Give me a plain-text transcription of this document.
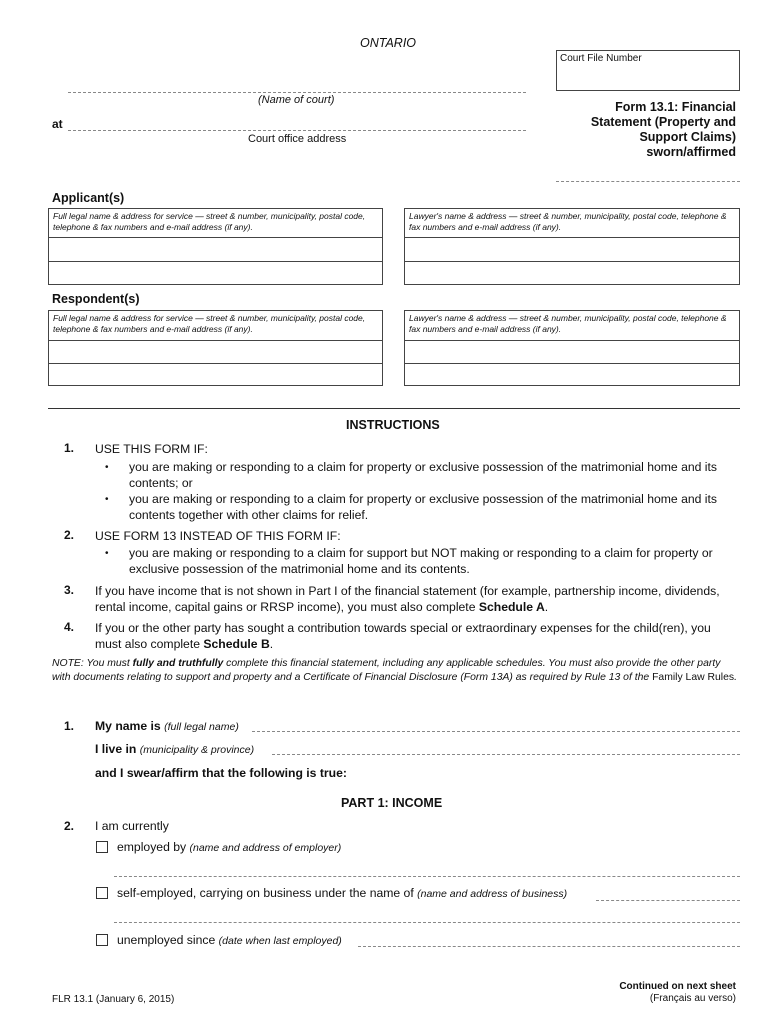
ONTARIO
Court File Number
(Name of court)
at
Court office address
Form 13.1: Financial
Statement (Property and
Support Claims)
sworn/affirmed
Applicant(s)
Full legal name & address for service — street & number, municipality, postal code, telephone & fax numbers and e-mail address (if any).
Lawyer's name & address — street & number, municipality, postal code, telephone & fax numbers and e-mail address (if any).
Respondent(s)
Full legal name & address for service — street & number, municipality, postal code, telephone & fax numbers and e-mail address (if any).
Lawyer's name & address — street & number, municipality, postal code, telephone & fax numbers and e-mail address (if any).
INSTRUCTIONS
1. USE THIS FORM IF:
• you are making or responding to a claim for property or exclusive possession of the matrimonial home and its contents; or
• you are making or responding to a claim for property or exclusive possession of the matrimonial home and its contents together with other claims for relief.
2. USE FORM 13 INSTEAD OF THIS FORM IF:
• you are making or responding to a claim for support but NOT making or responding to a claim for property or exclusive possession of the matrimonial home and its contents.
3. If you have income that is not shown in Part I of the financial statement (for example, partnership income, dividends, rental income, capital gains or RRSP income), you must also complete Schedule A.
4. If you or the other party has sought a contribution towards special or extraordinary expenses for the child(ren), you must also complete Schedule B.
NOTE: You must fully and truthfully complete this financial statement, including any applicable schedules. You must also provide the other party with documents relating to support and property and a Certificate of Financial Disclosure (Form 13A) as required by Rule 13 of the Family Law Rules.
1. My name is (full legal name)
I live in (municipality & province)
and I swear/affirm that the following is true:
PART 1: INCOME
2. I am currently
employed by (name and address of employer)
self-employed, carrying on business under the name of (name and address of business)
unemployed since (date when last employed)
FLR 13.1 (January 6, 2015)
Continued on next sheet
(Français au verso)
